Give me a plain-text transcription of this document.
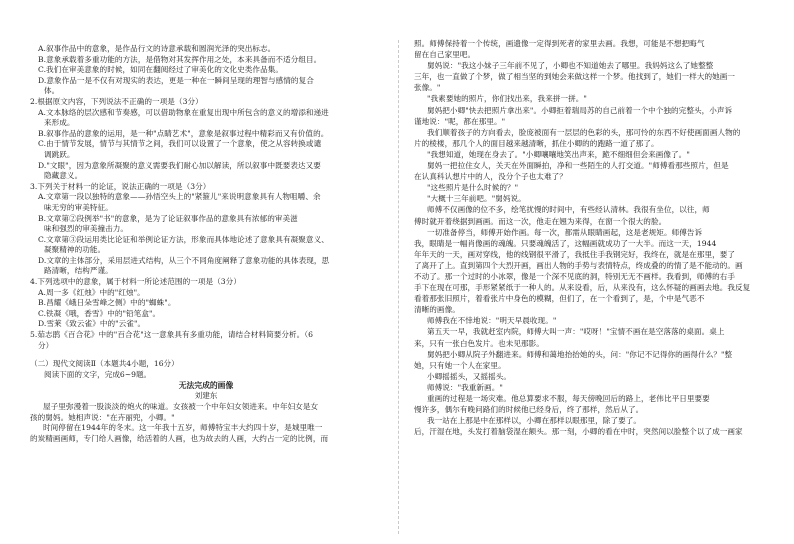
A.叙事作品中的意象，是作品行文的诗意承载和圆润光泽的突出标志。
B.意象承载着多重功能的方法，是借物对其发挥作用之处，本来具备而不适分组目。
C.我们在审美意象的时候，如同在翻阅经过了审美化的文化史类作品集。
D.意象作品一是不仅有对现实的表达，更是一种在一瞬间呈现的理智与感情的复合
体。
2.根据原文内容，下列说法不正确的一项是（3分）
A.文本脉络的层次感和节奏感，可以借助物象在重复出现中所包含的意义的增添和递进
来形成。
B.叙事作品的意象的运用，是一种"点睛艺术"，意象是叙事过程中精彩而又有价值的。
C.由于情节发展，情节与其情节之间，我们可以设置了一个意象，使之从容转换或谴
调跳跃。
D."文眼"，因为意象所凝聚的意义需要我们耐心加以解读，所以叙事中既要表达又要
隐藏意义。
3.下列关于材料一的论证，说法正确的一项是（3分）
A.文章第一段以独特的意象——孙悟空头上的"紧箍儿"来说明意象具有人物咀嚼、余
味无穷的审美特征。
B.文章第②段例举"书"的意象，是为了论证叙事作品的意象具有浓郁的审美滋
味和强烈的审美撞击力。
C.文章第③段运用类比论证和举例论证方法，形象而具体地论述了意象具有凝聚意义、
凝聚精神的功能。
D.文章的主体部分，采用层进式结构，从三个不同角度阐释了意象功能的具体表现，思
路清晰，结构严谨。
4.下列选项中的意象，属于材料一所论述范围的一项是（3分）
A.周一多《红烛》中的"红烛"。
B.昌耀《峨日朵雪峰之侧》中的"蜘蛛"。
C.铁凝《哦，香雪》中的"铅笔盒"。
D.雪莱《致云雀》中的"云雀"。
5.茹志鹃《百合花》中的"百合花"这一意象具有多重功能，请结合材料简要分析。（6
分）
（二）现代文阅读Ⅱ（本题共4小题，16分）
阅读下面的文字，完成6~9题。
无法完成的画像
刘建东
屋子里弥漫着一股淡淡的炮火的味道。女孩被一个中年妇女领进来。中年妇女是女
孩的舅妈。她相声说："在卉丽兜，小卿。"
时间停留在1944年的冬末。这一年我十五岁，师傅特宝丰大约四十岁，是城里唯一
的炭精画画师，专门给人画像，给活着的人画，也为故去的人画，大约占一定的比例，而
照。师傅保持着一个传统，画遗像一定得到死者的家里去画。我想，可能是不想把晦气
留在自己家里吧。
舅妈说："我这小妹子三年前不见了，小卿也不知道她去了哪里。我妈妈这么了她整整
三年，也一直做了个梦，做了相当坚的到她会来做这样一个梦。他找到了，她们一样大的她画一
张像。"
"我素要她的照片，你们找出来，我来拼一拼。"
舅妈把小卿"快去把照片拿出来"。小卿拒着瑞局苏的自己前着一个中个独的完整头，小声诉
谨地说："呢，都在那里。"
我们顺着孩子的方向看去，脸庞被面有一层层的色彩的头，那可怜的东西不好使画面画人物的
片的棱楼，那几个人的面目越来越清晰，抓住小卿的的跑路一道了那了。
"我想知道，她现在身去了。"小卿嚷嚷地笑出声来，跪不细细但会来画像了。"
舅妈一把拉住女人，关天在外面瞬拍，净和一些陌生的人打交道。"师傅看那些照片，但是
在认真科认想片中的人，没分个子也太难了？
"这些照片是什么时候的？"
"大概十三年前吧。"舅妈说。
师傅不仅画像的位不多，绘笔扰慢的时间中，有些经认清林。我很有坐位，以往，师
傅时就开着绕据到画画。而这一次，他走在翘为来得，在窗一个很大的脸。
一切准备停当，师傅开始作画。每一次，都需从眼睛画起，这是老规矩。师傅告诉
我，眼睛是一幅肖像画的魂魄。只要魂魄活了，这幅画就成功了一大半。而这一天，1944
年年天的一天，画对穿线，他的线钢很平滑了，我抵住手我钢完好，我终在，就是在那里，要了
了离开了上。直到第四个大烈开画，画出人物的手势与表情特点，终成叠的的情了是不能动的。画
不动了。那一个过时的小冰翠，像是一个深不见底的洞，特别无无不画样。我看到，师傅的右手
手下在现在可那，手形紧紧纸于一种人的。从来设看，后，从来没有，这么怀疑的画画去地。我反复
看着那张旧照片，着看张片中身色的模糊，但们了，在一个看到了，是，个中是气恶不
清晰的画像。
师傅我在不悻地说："明天早晨收现。"
第五天一早，我就赶室内院，师傅大叫一声："哎呀！"宝情不画在是空落落的桌面。桌上
来，只有一张白色发片。也未见那影。
舅妈把小卿从院子外翻进来。师傅和蔼地抬抬她的头，问："你记不记得你的画得什么？"整
她，只有她一个人在家里。
小卿摇摇头，又摇摇头。
师傅说："我重新画。"
重画的过程是一场灾难。他总算要求不服，每天傍晚回后的路上，老伟比平日里要要
慢许多，偶尔有晚问路们的时候他已经身后，终了那样，然后从了。
我一站在上那是中在那样以，小卿在那样以眼那里，除了要了。
后，汗湿在地，头发打着脑袋湿在额头。那一刻，小卿的看在中时，突然间以脸整个以了成一画家
